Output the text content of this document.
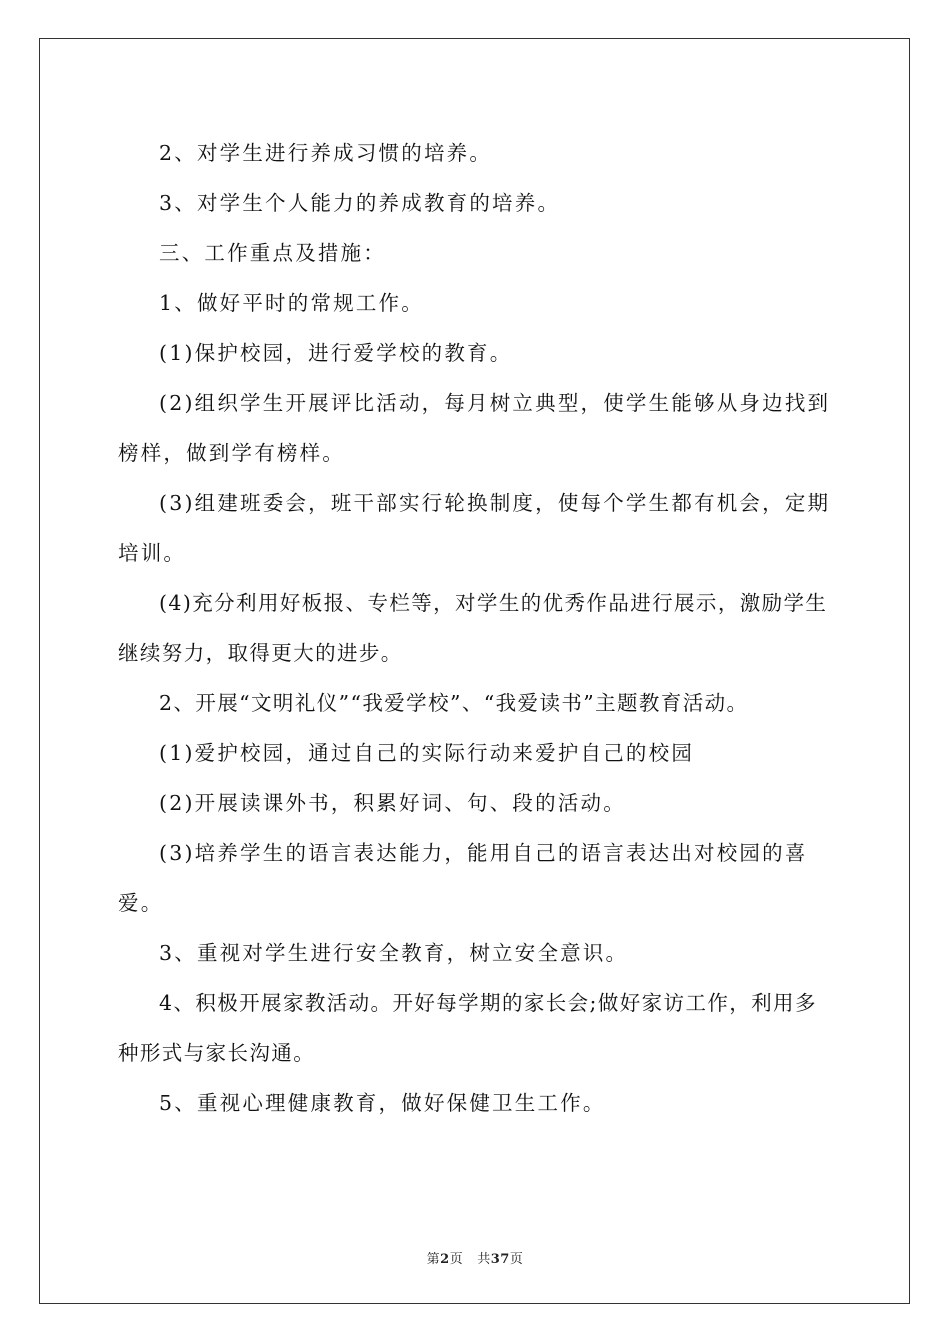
2、对学生进行养成习惯的培养。

3、对学生个人能力的养成教育的培养。

三、工作重点及措施：

1、做好平时的常规工作。

(1)保护校园，进行爱学校的教育。

(2)组织学生开展评比活动，每月树立典型，使学生能够从身边找到榜样，做到学有榜样。

(3)组建班委会，班干部实行轮换制度，使每个学生都有机会，定期培训。

(4)充分利用好板报、专栏等，对学生的优秀作品进行展示，激励学生继续努力，取得更大的进步。

2、开展“文明礼仪”“我爱学校”、“我爱读书”主题教育活动。

(1)爱护校园，通过自己的实际行动来爱护自己的校园

(2)开展读课外书，积累好词、句、段的活动。

(3)培养学生的语言表达能力，能用自己的语言表达出对校园的喜爱。

3、重视对学生进行安全教育，树立安全意识。

4、积极开展家教活动。开好每学期的家长会;做好家访工作，利用多种形式与家长沟通。

5、重视心理健康教育，做好保健卫生工作。

第2页 共37页
